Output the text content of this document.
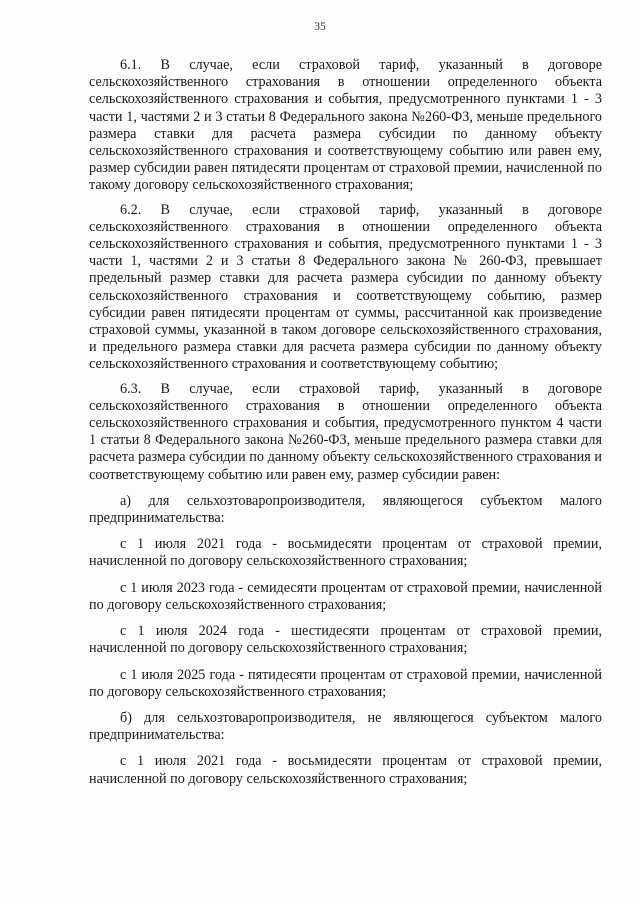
35

6.1. В случае, если страховой тариф, указанный в договоре сельскохозяйственного страхования в отношении определенного объекта сельскохозяйственного страхования и события, предусмотренного пунктами 1 - 3 части 1, частями 2 и 3 статьи 8 Федерального закона №260-ФЗ, меньше предельного размера ставки для расчета размера субсидии по данному объекту сельскохозяйственного страхования и соответствующему событию или равен ему, размер субсидии равен пятидесяти процентам от страховой премии, начисленной по такому договору сельскохозяйственного страхования;

6.2. В случае, если страховой тариф, указанный в договоре сельскохозяйственного страхования в отношении определенного объекта сельскохозяйственного страхования и события, предусмотренного пунктами 1 - 3 части 1, частями 2 и 3 статьи 8 Федерального закона № 260-ФЗ, превышает предельный размер ставки для расчета размера субсидии по данному объекту сельскохозяйственного страхования и соответствующему событию, размер субсидии равен пятидесяти процентам от суммы, рассчитанной как произведение страховой суммы, указанной в таком договоре сельскохозяйственного страхования, и предельного размера ставки для расчета размера субсидии по данному объекту сельскохозяйственного страхования и соответствующему событию;

6.3. В случае, если страховой тариф, указанный в договоре сельскохозяйственного страхования в отношении определенного объекта сельскохозяйственного страхования и события, предусмотренного пунктом 4 части 1 статьи 8 Федерального закона №260-ФЗ, меньше предельного размера ставки для расчета размера субсидии по данному объекту сельскохозяйственного страхования и соответствующему событию или равен ему, размер субсидии равен:

а) для сельхозтоваропроизводителя, являющегося субъектом малого предпринимательства:

с 1 июля 2021 года - восьмидесяти процентам от страховой премии, начисленной по договору сельскохозяйственного страхования;

с 1 июля 2023 года - семидесяти процентам от страховой премии, начисленной по договору сельскохозяйственного страхования;

с 1 июля 2024 года - шестидесяти процентам от страховой премии, начисленной по договору сельскохозяйственного страхования;

с 1 июля 2025 года - пятидесяти процентам от страховой премии, начисленной по договору сельскохозяйственного страхования;

б) для сельхозтоваропроизводителя, не являющегося субъектом малого предпринимательства:

с 1 июля 2021 года - восьмидесяти процентам от страховой премии, начисленной по договору сельскохозяйственного страхования;
